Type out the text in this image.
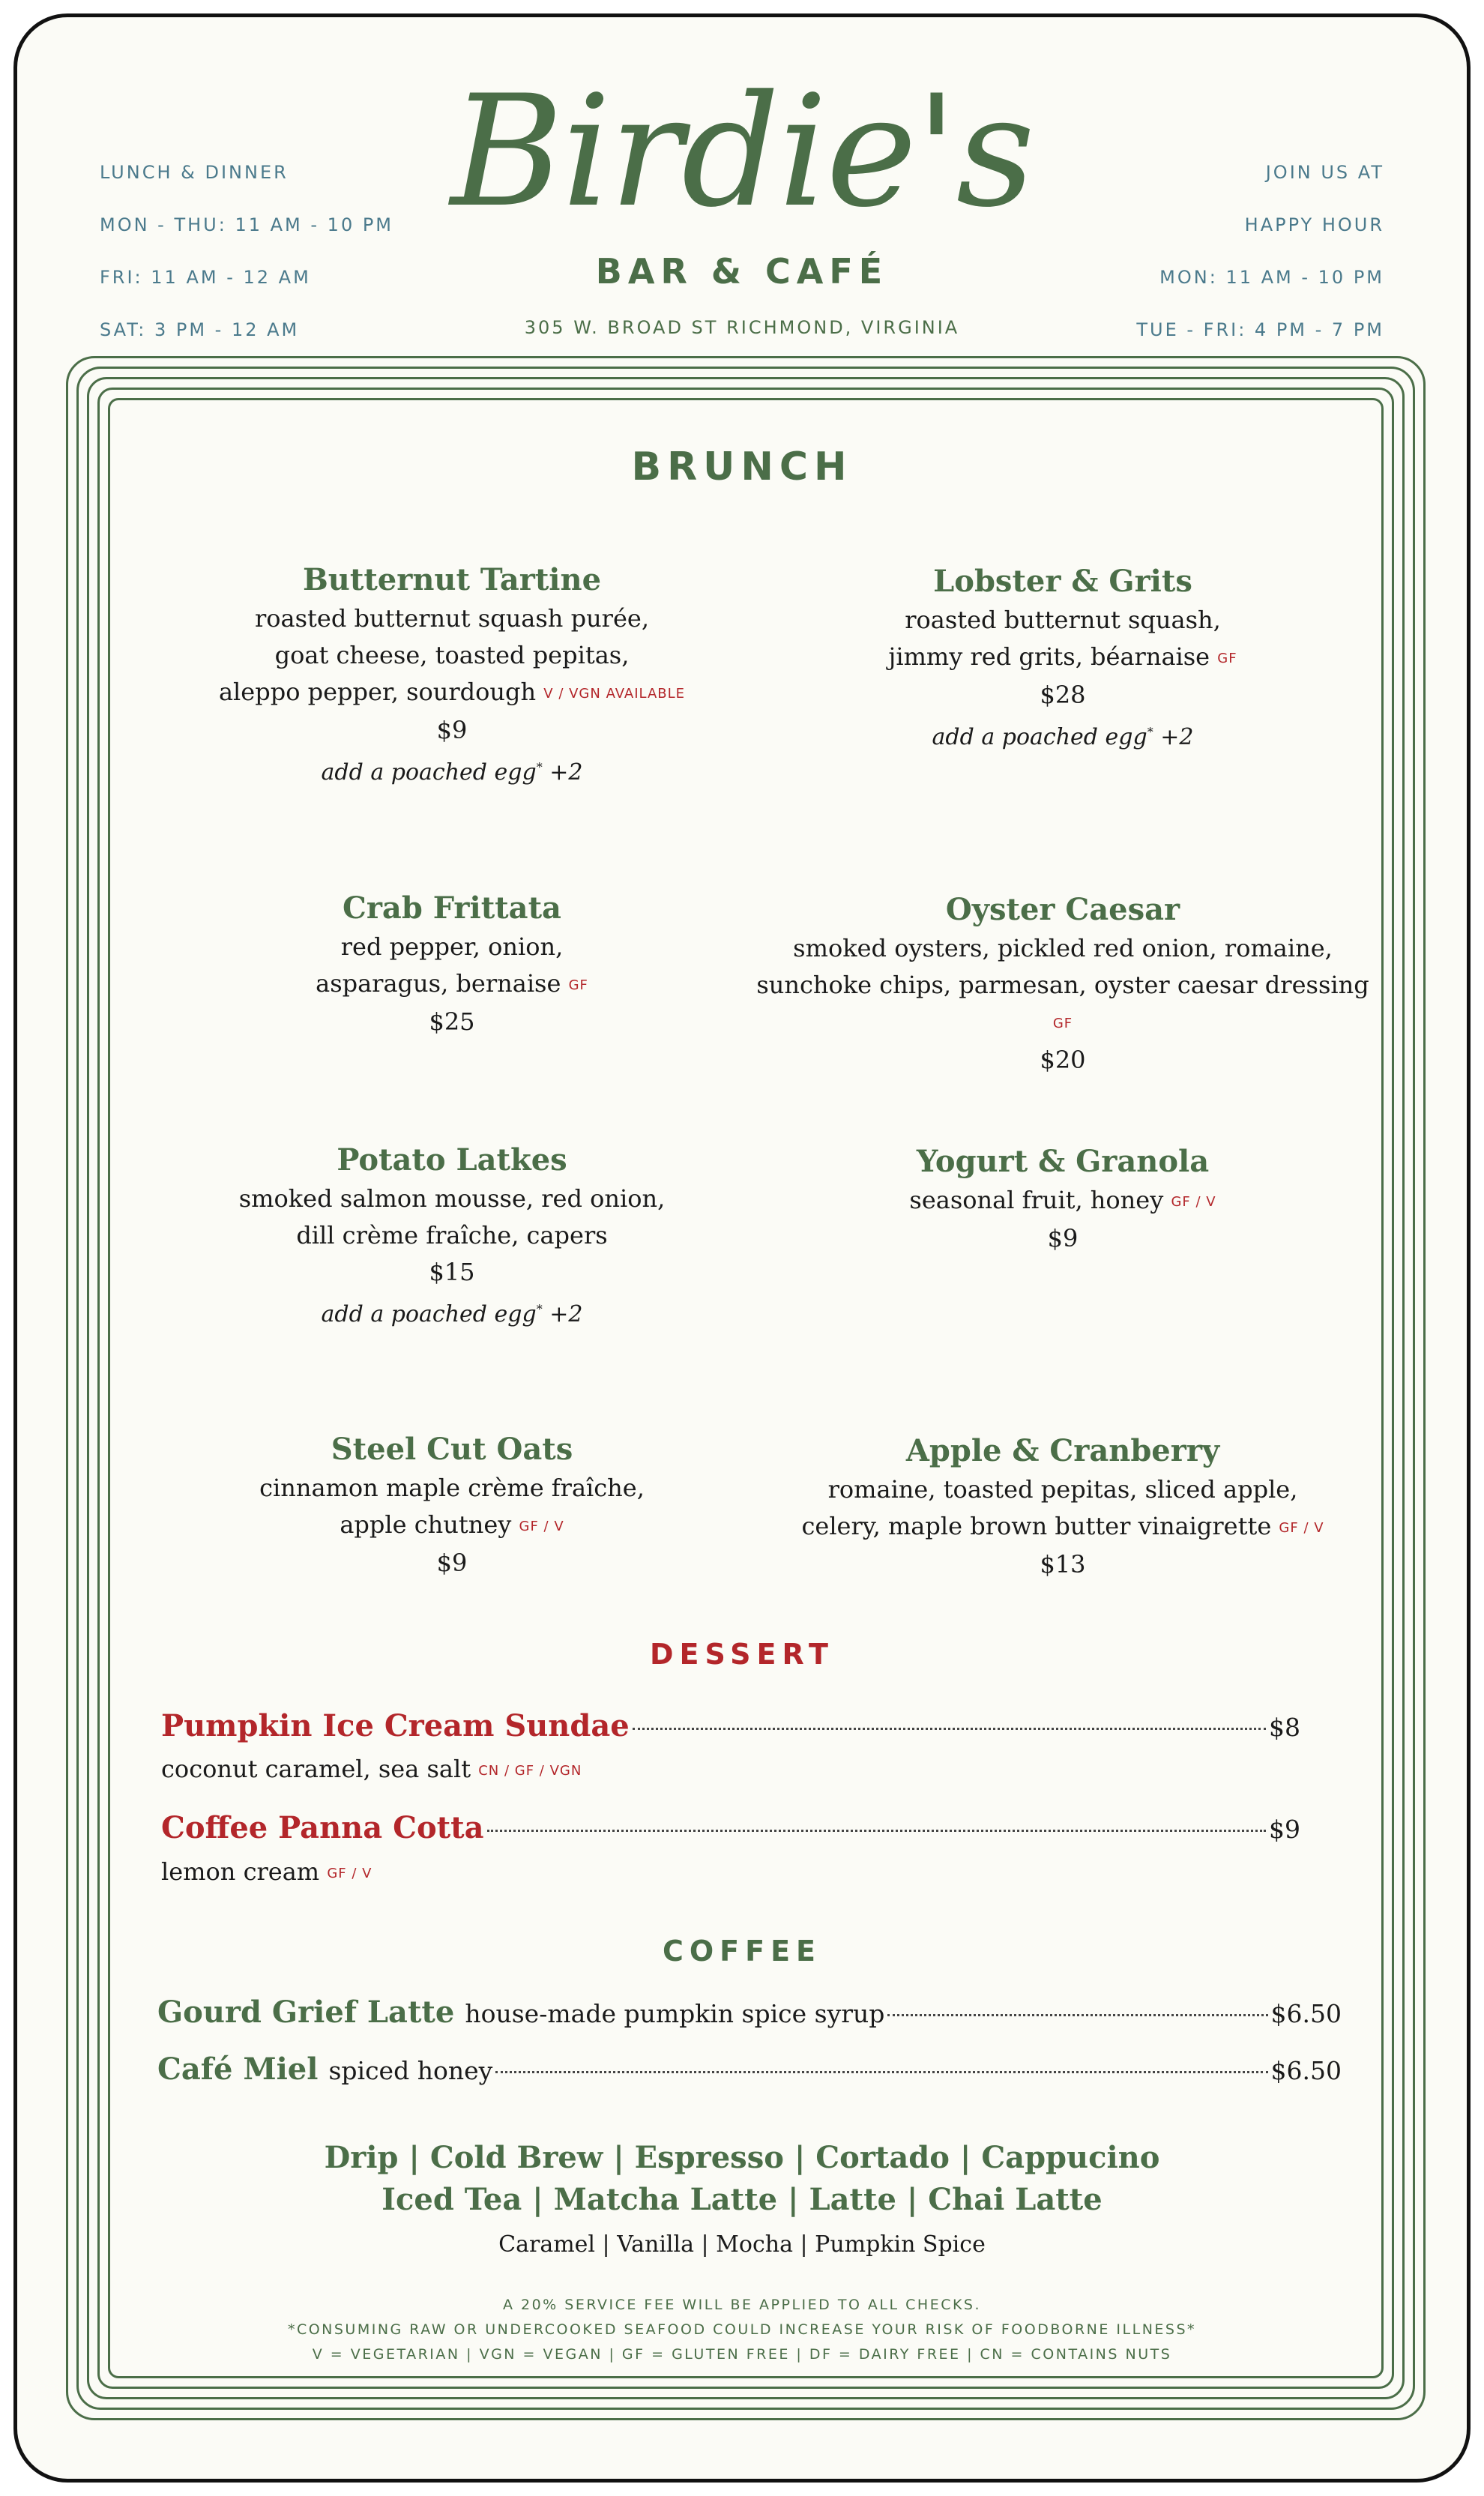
LUNCH & DINNER
MON - THU: 11 AM - 10 PM
FRI: 11 AM - 12 AM
SAT: 3 PM - 12 AM
Birdie's
BAR & CAFÉ
305 W. BROAD ST RICHMOND, VIRGINIA
JOIN US AT
HAPPY HOUR
MON: 11 AM - 10 PM
TUE - FRI: 4 PM - 7 PM
BRUNCH
Butternut Tartine
roasted butternut squash purée,
goat cheese, toasted pepitas,
aleppo pepper, sourdough V / VGN AVAILABLE
$9
add a poached egg* +2
Lobster & Grits
roasted butternut squash,
jimmy red grits, béarnaise GF
$28
add a poached egg* +2
Crab Frittata
red pepper, onion,
asparagus, bernaise GF
$25
Oyster Caesar
smoked oysters, pickled red onion, romaine,
sunchoke chips, parmesan, oyster caesar dressing GF
$20
Potato Latkes
smoked salmon mousse, red onion,
dill crème fraîche, capers
$15
add a poached egg* +2
Yogurt & Granola
seasonal fruit, honey GF / V
$9
Steel Cut Oats
cinnamon maple crème fraîche,
apple chutney GF / V
$9
Apple & Cranberry
romaine, toasted pepitas, sliced apple,
celery, maple brown butter vinaigrette GF / V
$13
DESSERT
Pumpkin Ice Cream Sundae	$8
coconut caramel, sea salt CN / GF / VGN
Coffee Panna Cotta	$9
lemon cream GF / V
COFFEE
Gourd Grief Latte house-made pumpkin spice syrup	$6.50
Café Miel spiced honey	$6.50
Drip | Cold Brew | Espresso | Cortado | Cappucino
Iced Tea | Matcha Latte | Latte | Chai Latte
Caramel | Vanilla | Mocha | Pumpkin Spice
A 20% SERVICE FEE WILL BE APPLIED TO ALL CHECKS.
*CONSUMING RAW OR UNDERCOOKED SEAFOOD COULD INCREASE YOUR RISK OF FOODBORNE ILLNESS*
V = VEGETARIAN | VGN = VEGAN | GF = GLUTEN FREE | DF = DAIRY FREE | CN = CONTAINS NUTS
